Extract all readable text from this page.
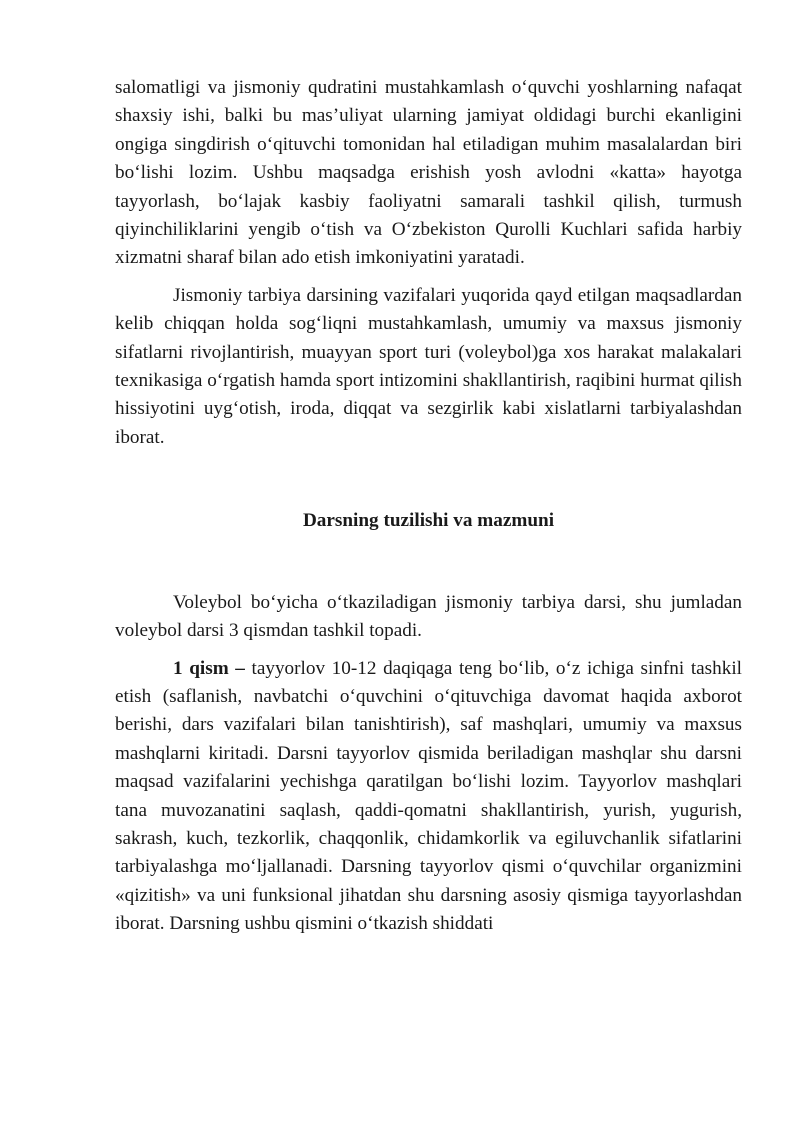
salomatligi va jismoniy qudratini mustahkamlash o‘quvchi yoshlarning nafaqat shaxsiy ishi, balki bu mas’uliyat ularning jamiyat oldidagi burchi ekanligini ongiga singdirish o‘qituvchi tomonidan hal etiladigan muhim masalalardan biri bo‘lishi lozim. Ushbu maqsadga erishish yosh avlodni «katta» hayotga tayyorlash, bo‘lajak kasbiy faoliyatni samarali tashkil qilish, turmush qiyinchiliklarini yengib o‘tish va O‘zbekiston Qurolli Kuchlari safida harbiy xizmatni sharaf bilan ado etish imkoniyatini yaratadi.

Jismoniy tarbiya darsining vazifalari yuqorida qayd etilgan maqsadlardan kelib chiqqan holda sog‘liqni mustahkamlash, umumiy va maxsus jismoniy sifatlarni rivojlantirish, muayyan sport turi (voleybol)ga xos harakat malakalari texnikasiga o‘rgatish hamda sport intizomini shakllantirish, raqibini hurmat qilish hissiyotini uyg‘otish, iroda, diqqat va sezgirlik kabi xislatlarni tarbiyalashdan iborat.

Darsning tuzilishi va mazmuni

Voleybol bo‘yicha o‘tkaziladigan jismoniy tarbiya darsi, shu jumladan voleybol darsi 3 qismdan tashkil topadi.

1 qism – tayyorlov 10-12 daqiqaga teng bo‘lib, o‘z ichiga sinfni tashkil etish (saflanish, navbatchi o‘quvchini o‘qituvchiga davomat haqida axborot berishi, dars vazifalari bilan tanishtirish), saf mashqlari, umumiy va maxsus mashqlarni kiritadi. Darsni tayyorlov qismida beriladigan mashqlar shu darsni maqsad vazifalarini yechishga qaratilgan bo‘lishi lozim. Tayyorlov mashqlari tana muvozanatini saqlash, qaddi-qomatni shakllantirish, yurish, yugurish, sakrash, kuch, tezkorlik, chaqqonlik, chidamkorlik va egiluvchanlik sifatlarini tarbiyalashga mo‘ljallanadi. Darsning tayyorlov qismi o‘quvchilar organizmini «qizitish» va uni funksional jihatdan shu darsning asosiy qismiga tayyorlashdan iborat. Darsning ushbu qismini o‘tkazish shiddati
